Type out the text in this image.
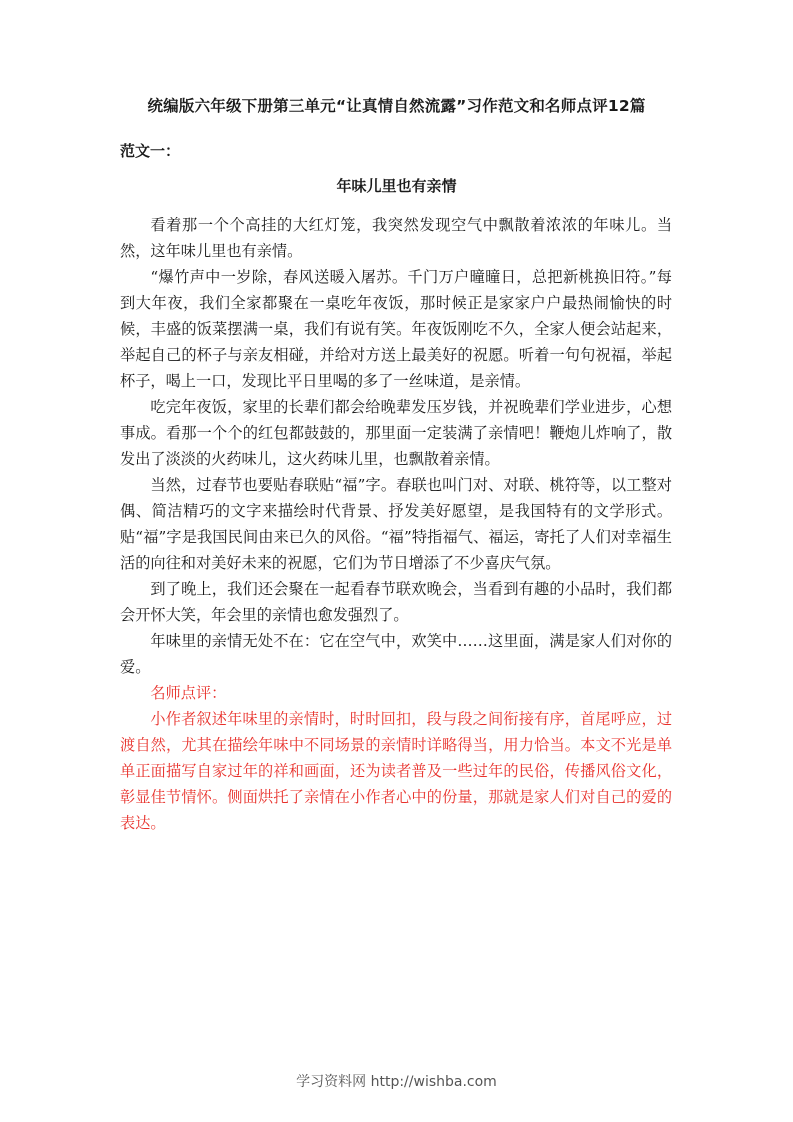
统编版六年级下册第三单元“让真情自然流露”习作范文和名师点评12篇

范文一：

年味儿里也有亲情

看着那一个个高挂的大红灯笼，我突然发现空气中飘散着浓浓的年味儿。当然，这年味儿里也有亲情。

“爆竹声中一岁除，春风送暖入屠苏。千门万户曈曈日，总把新桃换旧符。”每到大年夜，我们全家都聚在一桌吃年夜饭，那时候正是家家户户最热闹愉快的时候，丰盛的饭菜摆满一桌，我们有说有笑。年夜饭刚吃不久，全家人便会站起来，举起自己的杯子与亲友相碰，并给对方送上最美好的祝愿。听着一句句祝福，举起杯子，喝上一口，发现比平日里喝的多了一丝味道，是亲情。

吃完年夜饭，家里的长辈们都会给晚辈发压岁钱，并祝晚辈们学业进步，心想事成。看那一个个的红包都鼓鼓的，那里面一定装满了亲情吧！鞭炮儿炸响了，散发出了淡淡的火药味儿，这火药味儿里，也飘散着亲情。

当然，过春节也要贴春联贴“福”字。春联也叫门对、对联、桃符等，以工整对偶、简洁精巧的文字来描绘时代背景、抒发美好愿望，是我国特有的文学形式。贴“福”字是我国民间由来已久的风俗。“福”特指福气、福运，寄托了人们对幸福生活的向往和对美好未来的祝愿，它们为节日增添了不少喜庆气氛。

到了晚上，我们还会聚在一起看春节联欢晚会，当看到有趣的小品时，我们都会开怀大笑，年会里的亲情也愈发强烈了。

年味里的亲情无处不在：它在空气中，欢笑中……这里面，满是家人们对你的爱。

名师点评：

小作者叙述年味里的亲情时，时时回扣，段与段之间衔接有序，首尾呼应，过渡自然，尤其在描绘年味中不同场景的亲情时详略得当，用力恰当。本文不光是单单正面描写自家过年的祥和画面，还为读者普及一些过年的民俗，传播风俗文化，彰显佳节情怀。侧面烘托了亲情在小作者心中的份量，那就是家人们对自己的爱的表达。

学习资料网 http://wishba.com
